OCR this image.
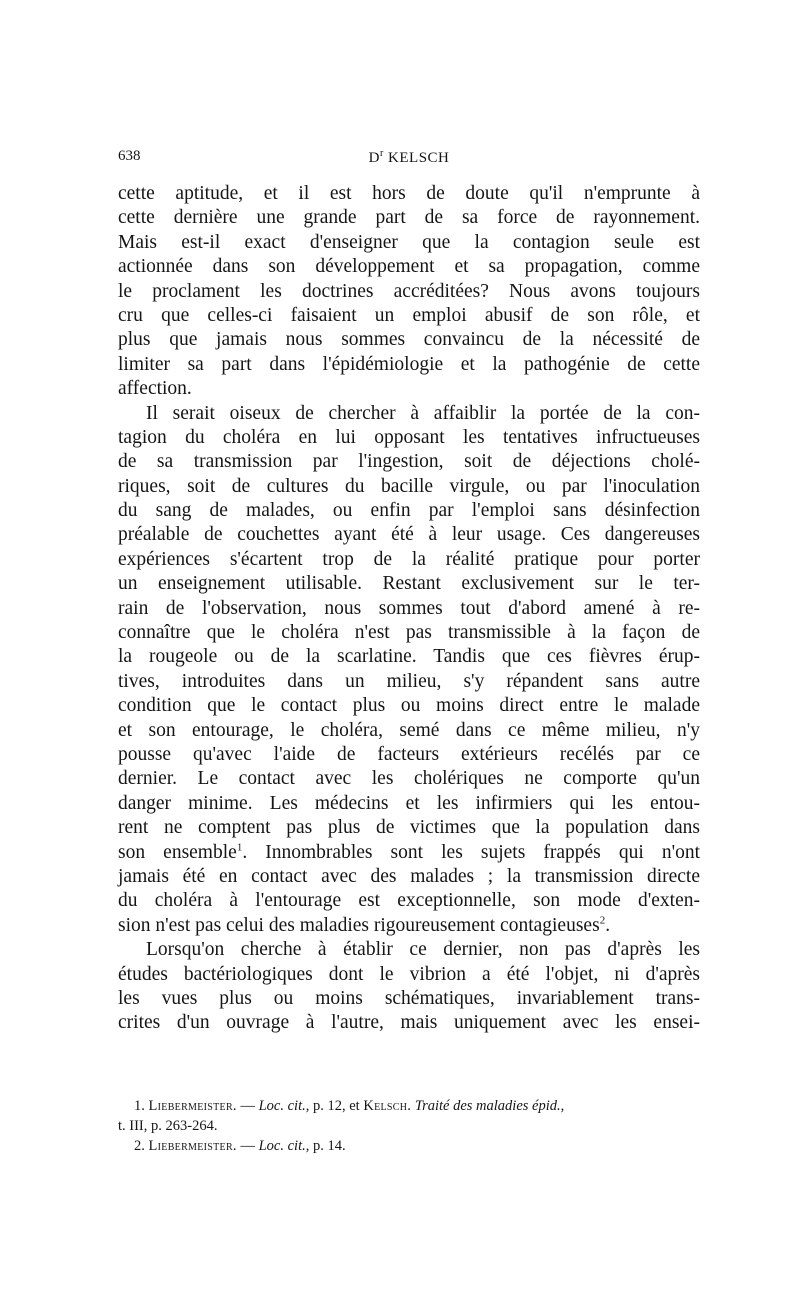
638	$D^r$ KELSCH
cette aptitude, et il est hors de doute qu'il n'emprunte à
cette dernière une grande part de sa force de rayonnement.
Mais est-il exact d'enseigner que la contagion seule est
actionnée dans son développement et sa propagation, comme
le proclament les doctrines accréditées? Nous avons toujours
cru que celles-ci faisaient un emploi abusif de son rôle, et
plus que jamais nous sommes convaincu de la nécessité de
limiter sa part dans l'épidémiologie et la pathogénie de cette
affection.
Il serait oiseux de chercher à affaiblir la portée de la con-
tagion du choléra en lui opposant les tentatives infructueuses
de sa transmission par l'ingestion, soit de déjections cholé-
riques, soit de cultures du bacille virgule, ou par l'inoculation
du sang de malades, ou enfin par l'emploi sans désinfection
préalable de couchettes ayant été à leur usage. Ces dangereuses
expériences s'écartent trop de la réalité pratique pour porter
un enseignement utilisable. Restant exclusivement sur le ter-
rain de l'observation, nous sommes tout d'abord amené à re-
connaître que le choléra n'est pas transmissible à la façon de
la rougeole ou de la scarlatine. Tandis que ces fièvres érup-
tives, introduites dans un milieu, s'y répandent sans autre
condition que le contact plus ou moins direct entre le malade
et son entourage, le choléra, semé dans ce même milieu, n'y
pousse qu'avec l'aide de facteurs extérieurs recélés par ce
dernier. Le contact avec les cholériques ne comporte qu'un
danger minime. Les médecins et les infirmiers qui les entou-
rent ne comptent pas plus de victimes que la population dans
son ensemble$^1$. Innombrables sont les sujets frappés qui n'ont
jamais été en contact avec des malades ; la transmission directe
du choléra à l'entourage est exceptionnelle, son mode d'exten-
sion n'est pas celui des maladies rigoureusement contagieuses$^2$.
Lorsqu'on cherche à établir ce dernier, non pas d'après les
études bactériologiques dont le vibrion a été l'objet, ni d'après
les vues plus ou moins schématiques, invariablement trans-
crites d'un ouvrage à l'autre, mais uniquement avec les ensei-
1. Liebermeister. — Loc. cit., p. 12, et Kelsch. Traité des maladies épid.,
t. III, p. 263-264.
2. Liebermeister. — Loc. cit., p. 14.
